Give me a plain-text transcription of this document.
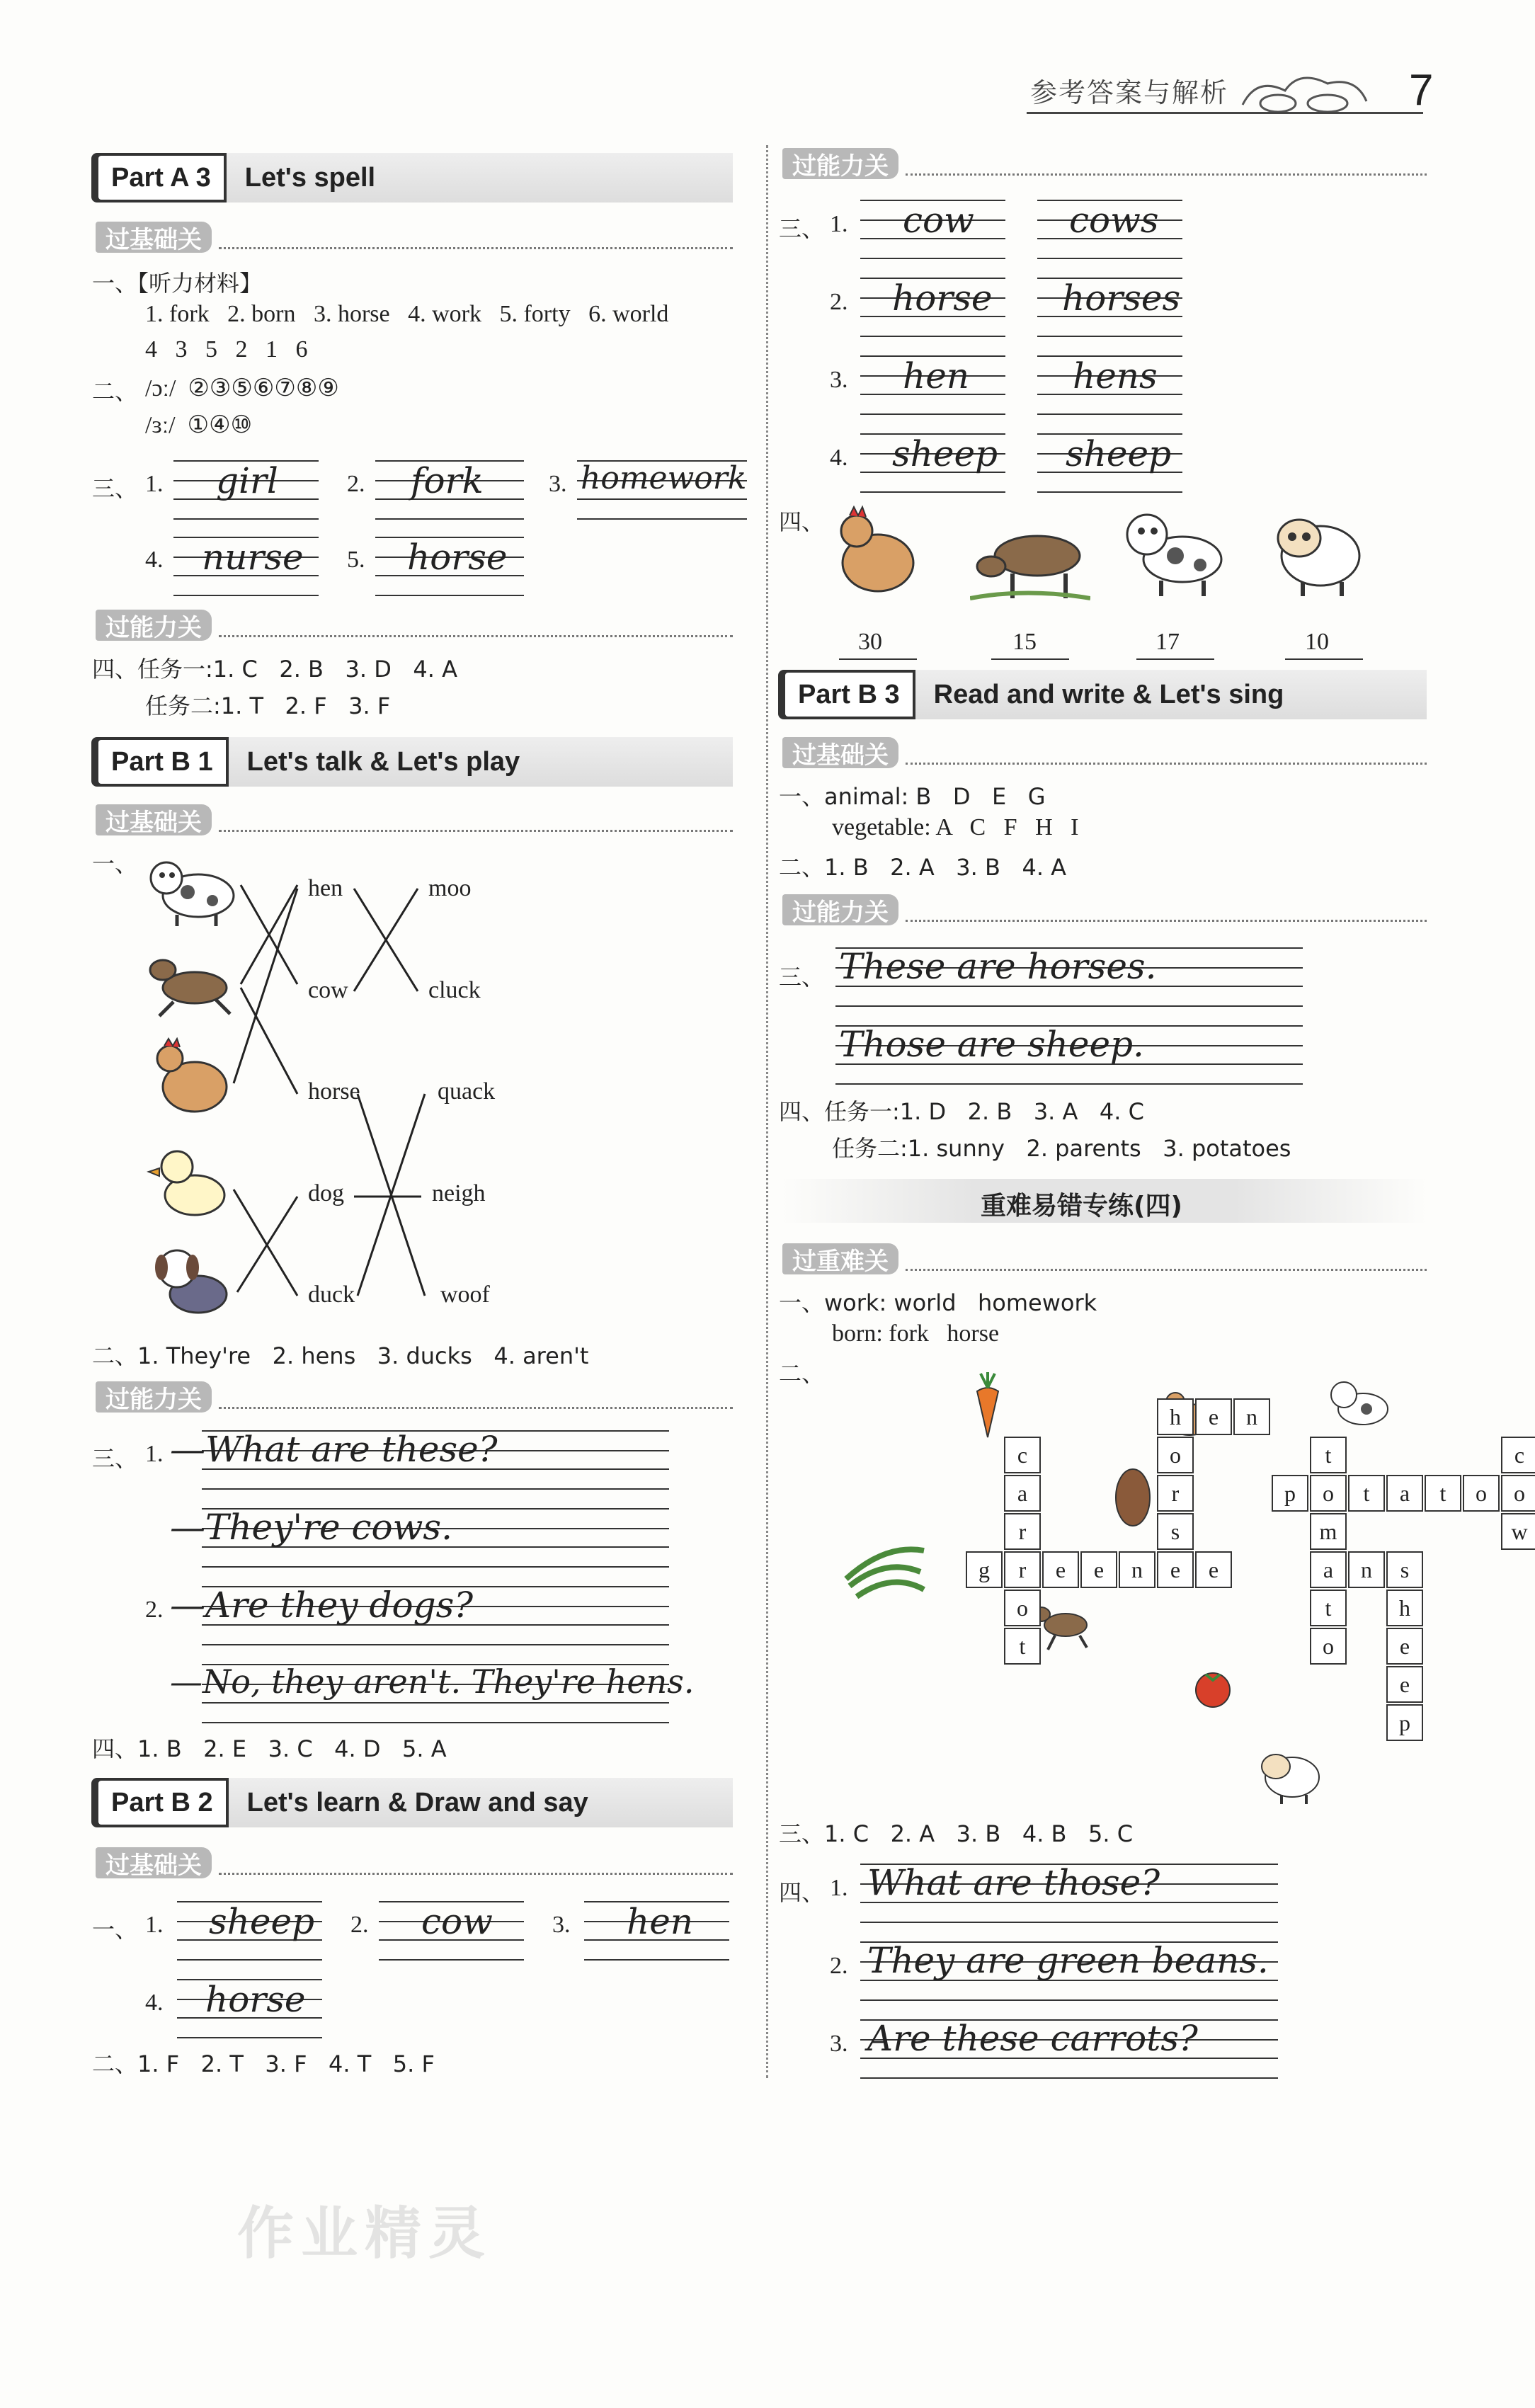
参考答案与解析	7
Part A 3	Let's spell
过基础关
一、【听力材料】
1. fork   2. born   3. horse   4. work   5. forty   6. world
4   3   5   2   1   6
二、 /ɔː/  ②③⑤⑥⑦⑧⑨
/ɜː/  ①④⑩
三、 1. girl	2. fork	3. homework
4. nurse 5. horse
过能力关
四、任务一:1. C   2. B   3. D   4. A
任务二:1. T   2. F   3. F
Part B 1	Let's talk & Let's play
过基础关
一、
hen
cow
horse
dog
duck
moo
cluck
quack
neigh
woof
二、1. They're   2. hens   3. ducks   4. aren't
过能力关
三、 1. —What are these?
—They're cows.
2. —Are they dogs?
—No, they aren't. They're hens.
四、1. B   2. E   3. C   4. D   5. A
Part B 2	Let's learn & Draw and say
过基础关
一、 1. sheep 2. cow 3. hen
4. horse
二、1. F   2. T   3. F   4. T   5. F
过能力关
三、 1. cow	cows
2. horse horses
3. hen	hens
4. sheep sheep
四、
30	15	17	10
Part B 3	Read and write & Let's sing
过基础关
一、animal: B   D   E   G
vegetable: A   C   F   H   I
二、1. B   2. A   3. B   4. A
过能力关
三、 These are horses.
Those are sheep.
四、任务一:1. D   2. B   3. A   4. C
任务二:1. sunny   2. parents   3. potatoes
重难易错专练(四)
过重难关
一、work: world   homework
born: fork   horse
二、
三、1. C   2. A   3. B   4. B   5. C
四、 1. What are those?
2. They are green beans.
3. Are these carrots?
作业精灵
h	e	n
c
a
r
r
o
t
o
r
s
e
t
o
m
a
t
o
p	t	a	t	o
c
o
w
g	e	e	n	e	n	s
h
e
e
p
